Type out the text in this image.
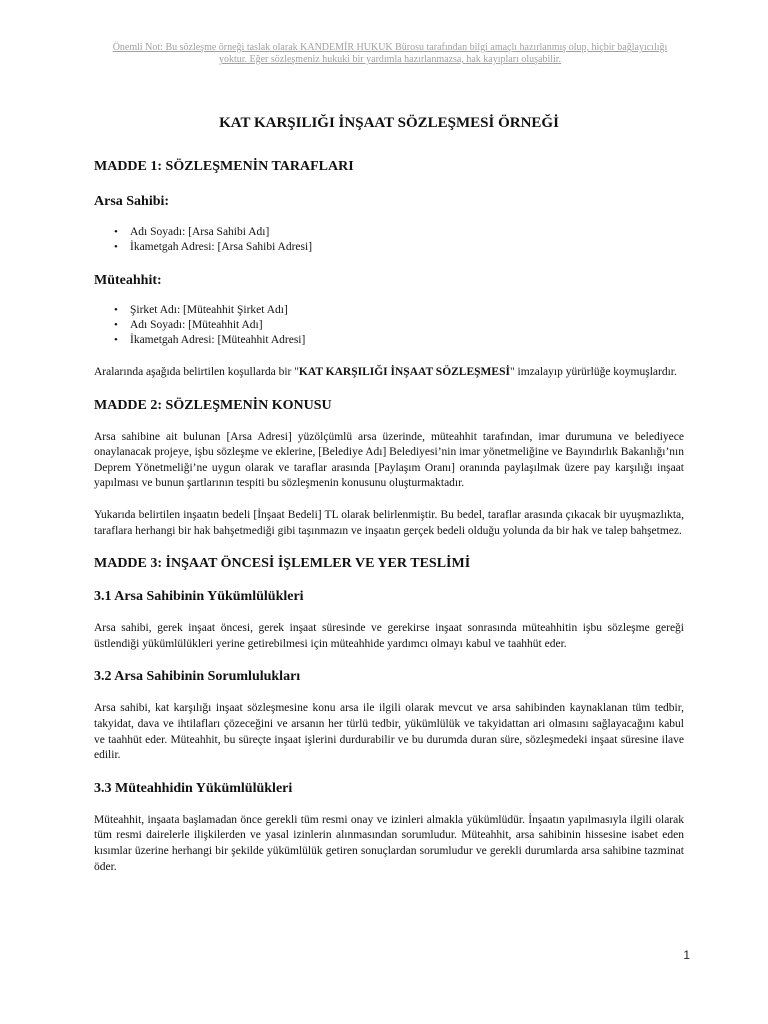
Önemli Not: Bu sözleşme örneği taslak olarak KANDEMİR HUKUK Bürosu tarafından bilgi amaçlı hazırlanmış olup, hiçbir bağlayıcılığı
yoktur. Eğer sözleşmeniz hukuki bir yardımla hazırlanmazsa, hak kayıpları oluşabilir.
KAT KARŞILIĞI İNŞAAT SÖZLEŞMESİ ÖRNEĞİ
MADDE 1: SÖZLEŞMENİN TARAFLARI
Arsa Sahibi:
• Adı Soyadı: [Arsa Sahibi Adı]
• İkametgah Adresi: [Arsa Sahibi Adresi]
Müteahhit:
• Şirket Adı: [Müteahhit Şirket Adı]
• Adı Soyadı: [Müteahhit Adı]
• İkametgah Adresi: [Müteahhit Adresi]

Aralarında aşağıda belirtilen koşullarda bir "KAT KARŞILIĞI İNŞAAT SÖZLEŞMESİ" imzalayıp yürürlüğe koymuşlardır.

MADDE 2: SÖZLEŞMENİN KONUSU

Arsa sahibine ait bulunan [Arsa Adresi] yüzölçümlü arsa üzerinde, müteahhit tarafından, imar durumuna ve belediyece onaylanacak projeye, işbu sözleşme ve eklerine, [Belediye Adı] Belediyesi’nin imar yönetmeliğine ve Bayındırlık Bakanlığı’nın Deprem Yönetmeliği’ne uygun olarak ve taraflar arasında [Paylaşım Oranı] oranında paylaşılmak üzere pay karşılığı inşaat yapılması ve bunun şartlarının tespiti bu sözleşmenin konusunu oluşturmaktadır.

Yukarıda belirtilen inşaatın bedeli [İnşaat Bedeli] TL olarak belirlenmiştir. Bu bedel, taraflar arasında çıkacak bir uyuşmazlıkta, taraflara herhangi bir hak bahşetmediği gibi taşınmazın ve inşaatın gerçek bedeli olduğu yolunda da bir hak ve talep bahşetmez.

MADDE 3: İNŞAAT ÖNCESİ İŞLEMLER VE YER TESLİMİ
3.1 Arsa Sahibinin Yükümlülükleri

Arsa sahibi, gerek inşaat öncesi, gerek inşaat süresinde ve gerekirse inşaat sonrasında müteahhitin işbu sözleşme gereği üstlendiği yükümlülükleri yerine getirebilmesi için müteahhide yardımcı olmayı kabul ve taahhüt eder.

3.2 Arsa Sahibinin Sorumlulukları

Arsa sahibi, kat karşılığı inşaat sözleşmesine konu arsa ile ilgili olarak mevcut ve arsa sahibinden kaynaklanan tüm tedbir, takyidat, dava ve ihtilafları çözeceğini ve arsanın her türlü tedbir, yükümlülük ve takyidattan ari olmasını sağlayacağını kabul ve taahhüt eder. Müteahhit, bu süreçte inşaat işlerini durdurabilir ve bu durumda duran süre, sözleşmedeki inşaat süresine ilave edilir.

3.3 Müteahhidin Yükümlülükleri

Müteahhit, inşaata başlamadan önce gerekli tüm resmi onay ve izinleri almakla yükümlüdür. İnşaatın yapılmasıyla ilgili olarak tüm resmi dairelerle ilişkilerden ve yasal izinlerin alınmasından sorumludur. Müteahhit, arsa sahibinin hissesine isabet eden kısımlar üzerine herhangi bir şekilde yükümlülük getiren sonuçlardan sorumludur ve gerekli durumlarda arsa sahibine tazminat öder.

1
